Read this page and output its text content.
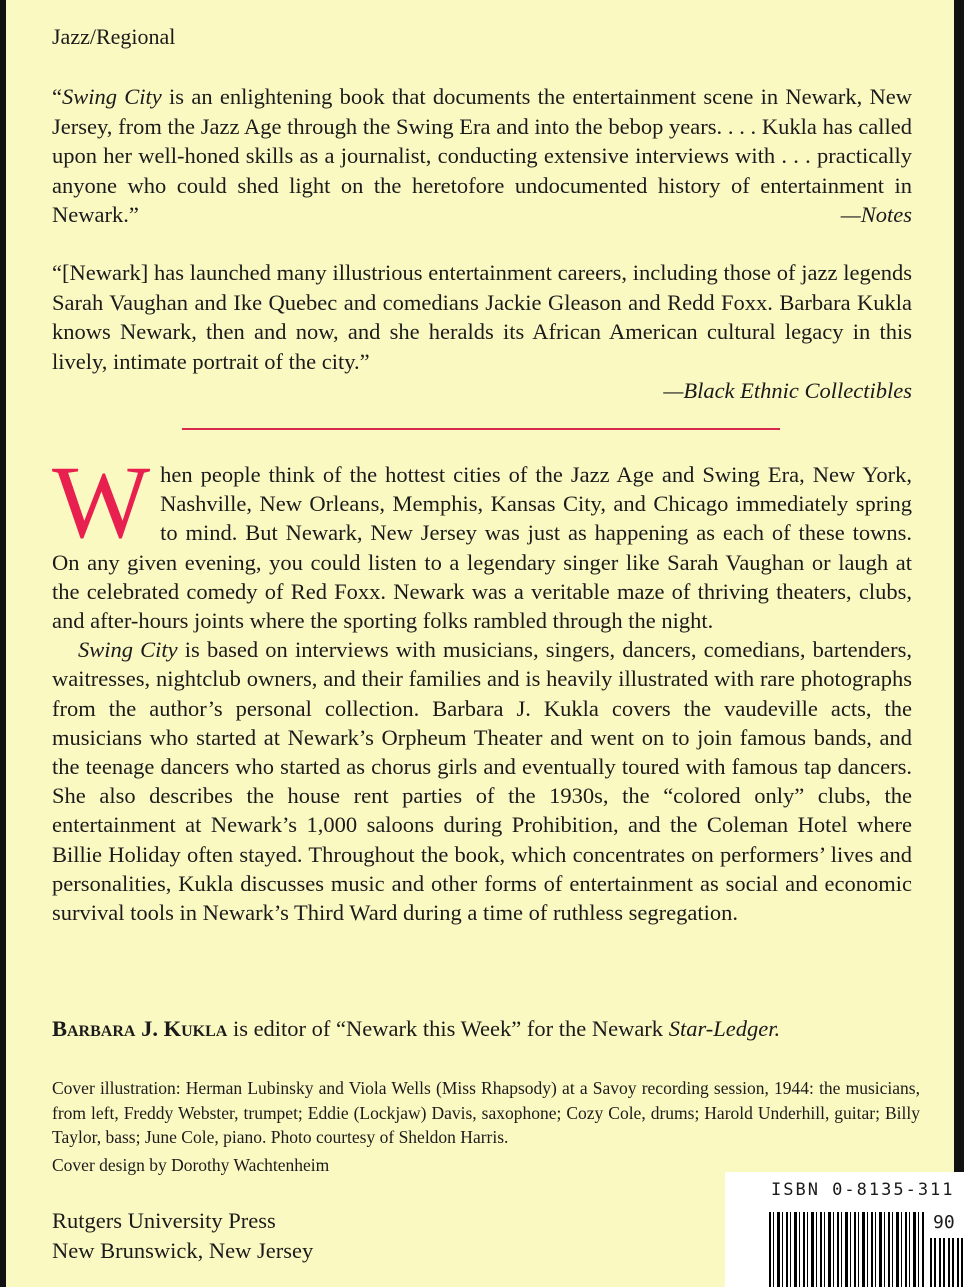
Jazz/Regional
“Swing City is an enlightening book that documents the entertainment scene in Newark, New Jersey, from the Jazz Age through the Swing Era and into the bebop years. . . . Kukla has called upon her well-honed skills as a journalist, conducting extensive interviews with . . . practically anyone who could shed light on the heretofore undocumented history of entertainment in Newark.”	—Notes
“[Newark] has launched many illustrious entertainment careers, including those of jazz legends Sarah Vaughan and Ike Quebec and comedians Jackie Gleason and Redd Foxx. Barbara Kukla knows Newark, then and now, and she heralds its African American cultural legacy in this lively, intimate portrait of the city.”
—Black Ethnic Collectibles

When people think of the hottest cities of the Jazz Age and Swing Era, New York, Nashville, New Orleans, Memphis, Kansas City, and Chicago immediately spring to mind. But Newark, New Jersey was just as happening as each of these towns. On any given evening, you could listen to a legendary singer like Sarah Vaughan or laugh at the celebrated comedy of Red Foxx. Newark was a veritable maze of thriving theaters, clubs, and after-hours joints where the sporting folks rambled through the night.

Swing City is based on interviews with musicians, singers, dancers, comedians, bartenders, waitresses, nightclub owners, and their families and is heavily illustrated with rare photographs from the author’s personal collection. Barbara J. Kukla covers the vaudeville acts, the musicians who started at Newark’s Orpheum Theater and went on to join famous bands, and the teenage dancers who started as chorus girls and eventually toured with famous tap dancers. She also describes the house rent parties of the 1930s, the “colored only” clubs, the entertainment at Newark’s 1,000 saloons during Prohibition, and the Coleman Hotel where Billie Holiday often stayed. Throughout the book, which concentrates on performers’ lives and personalities, Kukla discusses music and other forms of entertainment as social and economic survival tools in Newark’s Third Ward during a time of ruthless segregation.

Barbara J. Kukla is editor of “Newark this Week” for the Newark Star-Ledger.
Cover illustration: Herman Lubinsky and Viola Wells (Miss Rhapsody) at a Savoy recording session, 1944: the musicians, from left, Freddy Webster, trumpet; Eddie (Lockjaw) Davis, saxophone; Cozy Cole, drums; Harold Underhill, guitar; Billy Taylor, bass; June Cole, piano. Photo courtesy of Sheldon Harris.
Cover design by Dorothy Wachtenheim
Rutgers University Press
New Brunswick, New Jersey
ISBN 0-8135-311
90
